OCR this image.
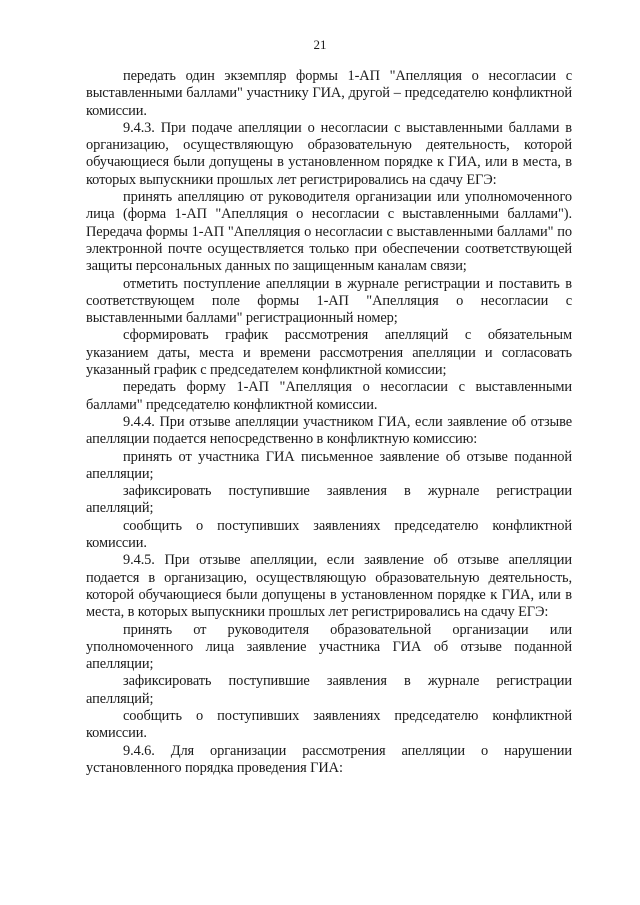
21

передать один экземпляр формы 1-АП "Апелляция о несогласии с выставленными баллами" участнику ГИА, другой – председателю конфликтной комиссии.

9.4.3. При подаче апелляции о несогласии с выставленными баллами в организацию, осуществляющую образовательную деятельность, которой обучающиеся были допущены в установленном порядке к ГИА, или в места, в которых выпускники прошлых лет регистрировались на сдачу ЕГЭ:

принять апелляцию от руководителя организации или уполномоченного лица (форма 1-АП "Апелляция о несогласии с выставленными баллами"). Передача формы 1-АП "Апелляция о несогласии с выставленными баллами" по электронной почте осуществляется только при обеспечении соответствующей защиты персональных данных по защищенным каналам связи;

отметить поступление апелляции в журнале регистрации и поставить в соответствующем поле формы 1-АП "Апелляция о несогласии с выставленными баллами" регистрационный номер;

сформировать график рассмотрения апелляций с обязательным указанием даты, места и времени рассмотрения апелляции и согласовать указанный график с председателем конфликтной комиссии;

передать форму 1-АП "Апелляция о несогласии с выставленными баллами" председателю конфликтной комиссии.

9.4.4. При отзыве апелляции участником ГИА, если заявление об отзыве апелляции подается непосредственно в конфликтную комиссию:

принять от участника ГИА письменное заявление об отзыве поданной апелляции;

зафиксировать поступившие заявления в журнале регистрации апелляций;

сообщить о поступивших заявлениях председателю конфликтной комиссии.

9.4.5. При отзыве апелляции, если заявление об отзыве апелляции подается в организацию, осуществляющую образовательную деятельность, которой обучающиеся были допущены в установленном порядке к ГИА, или в места, в которых выпускники прошлых лет регистрировались на сдачу ЕГЭ:

принять от руководителя образовательной организации или уполномоченного лица заявление участника ГИА об отзыве поданной апелляции;

зафиксировать поступившие заявления в журнале регистрации апелляций;

сообщить о поступивших заявлениях председателю конфликтной комиссии.

9.4.6. Для организации рассмотрения апелляции о нарушении установленного порядка проведения ГИА:
